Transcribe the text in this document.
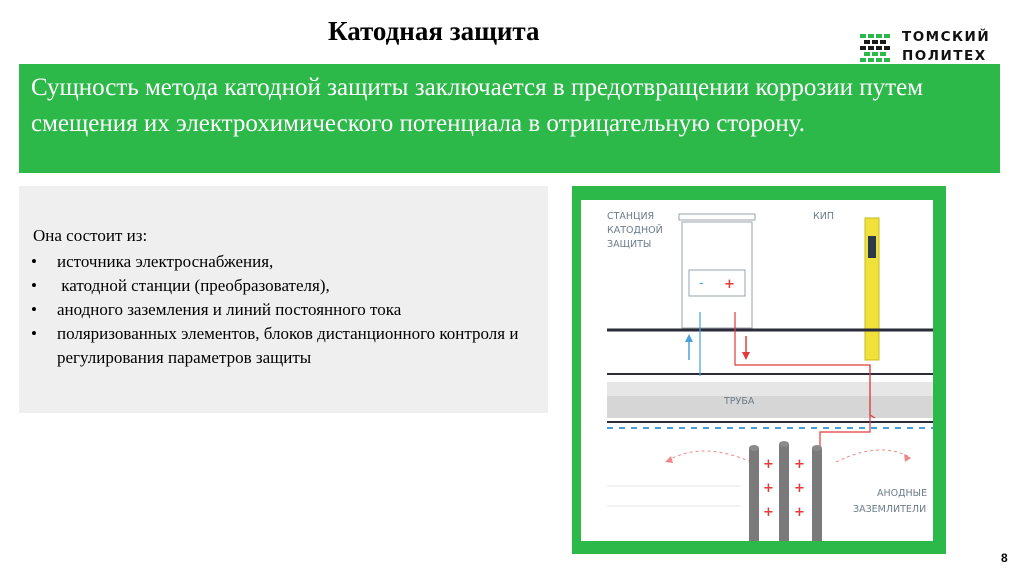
Катодная защита	ТОМСКИЙ
ПОЛИТЕХ

Сущность метода катодной защиты заключается в предотвращении коррозии путем смещения их электрохимического потенциала в отрицательную сторону.

Она состоит из:
• источника электроснабжения,
• катодной станции (преобразователя),
• анодного заземления и линий постоянного тока
• поляризованных элементов, блоков дистанционного контроля и регулирования параметров защиты
СТАНЦИЯ
КАТОДНОЙ
ЗАЩИТЫ
КИП
- +
ТРУБА
+
+
+
+
+
+
АНОДНЫЕ
ЗАЗЕМЛИТЕЛИ
8
